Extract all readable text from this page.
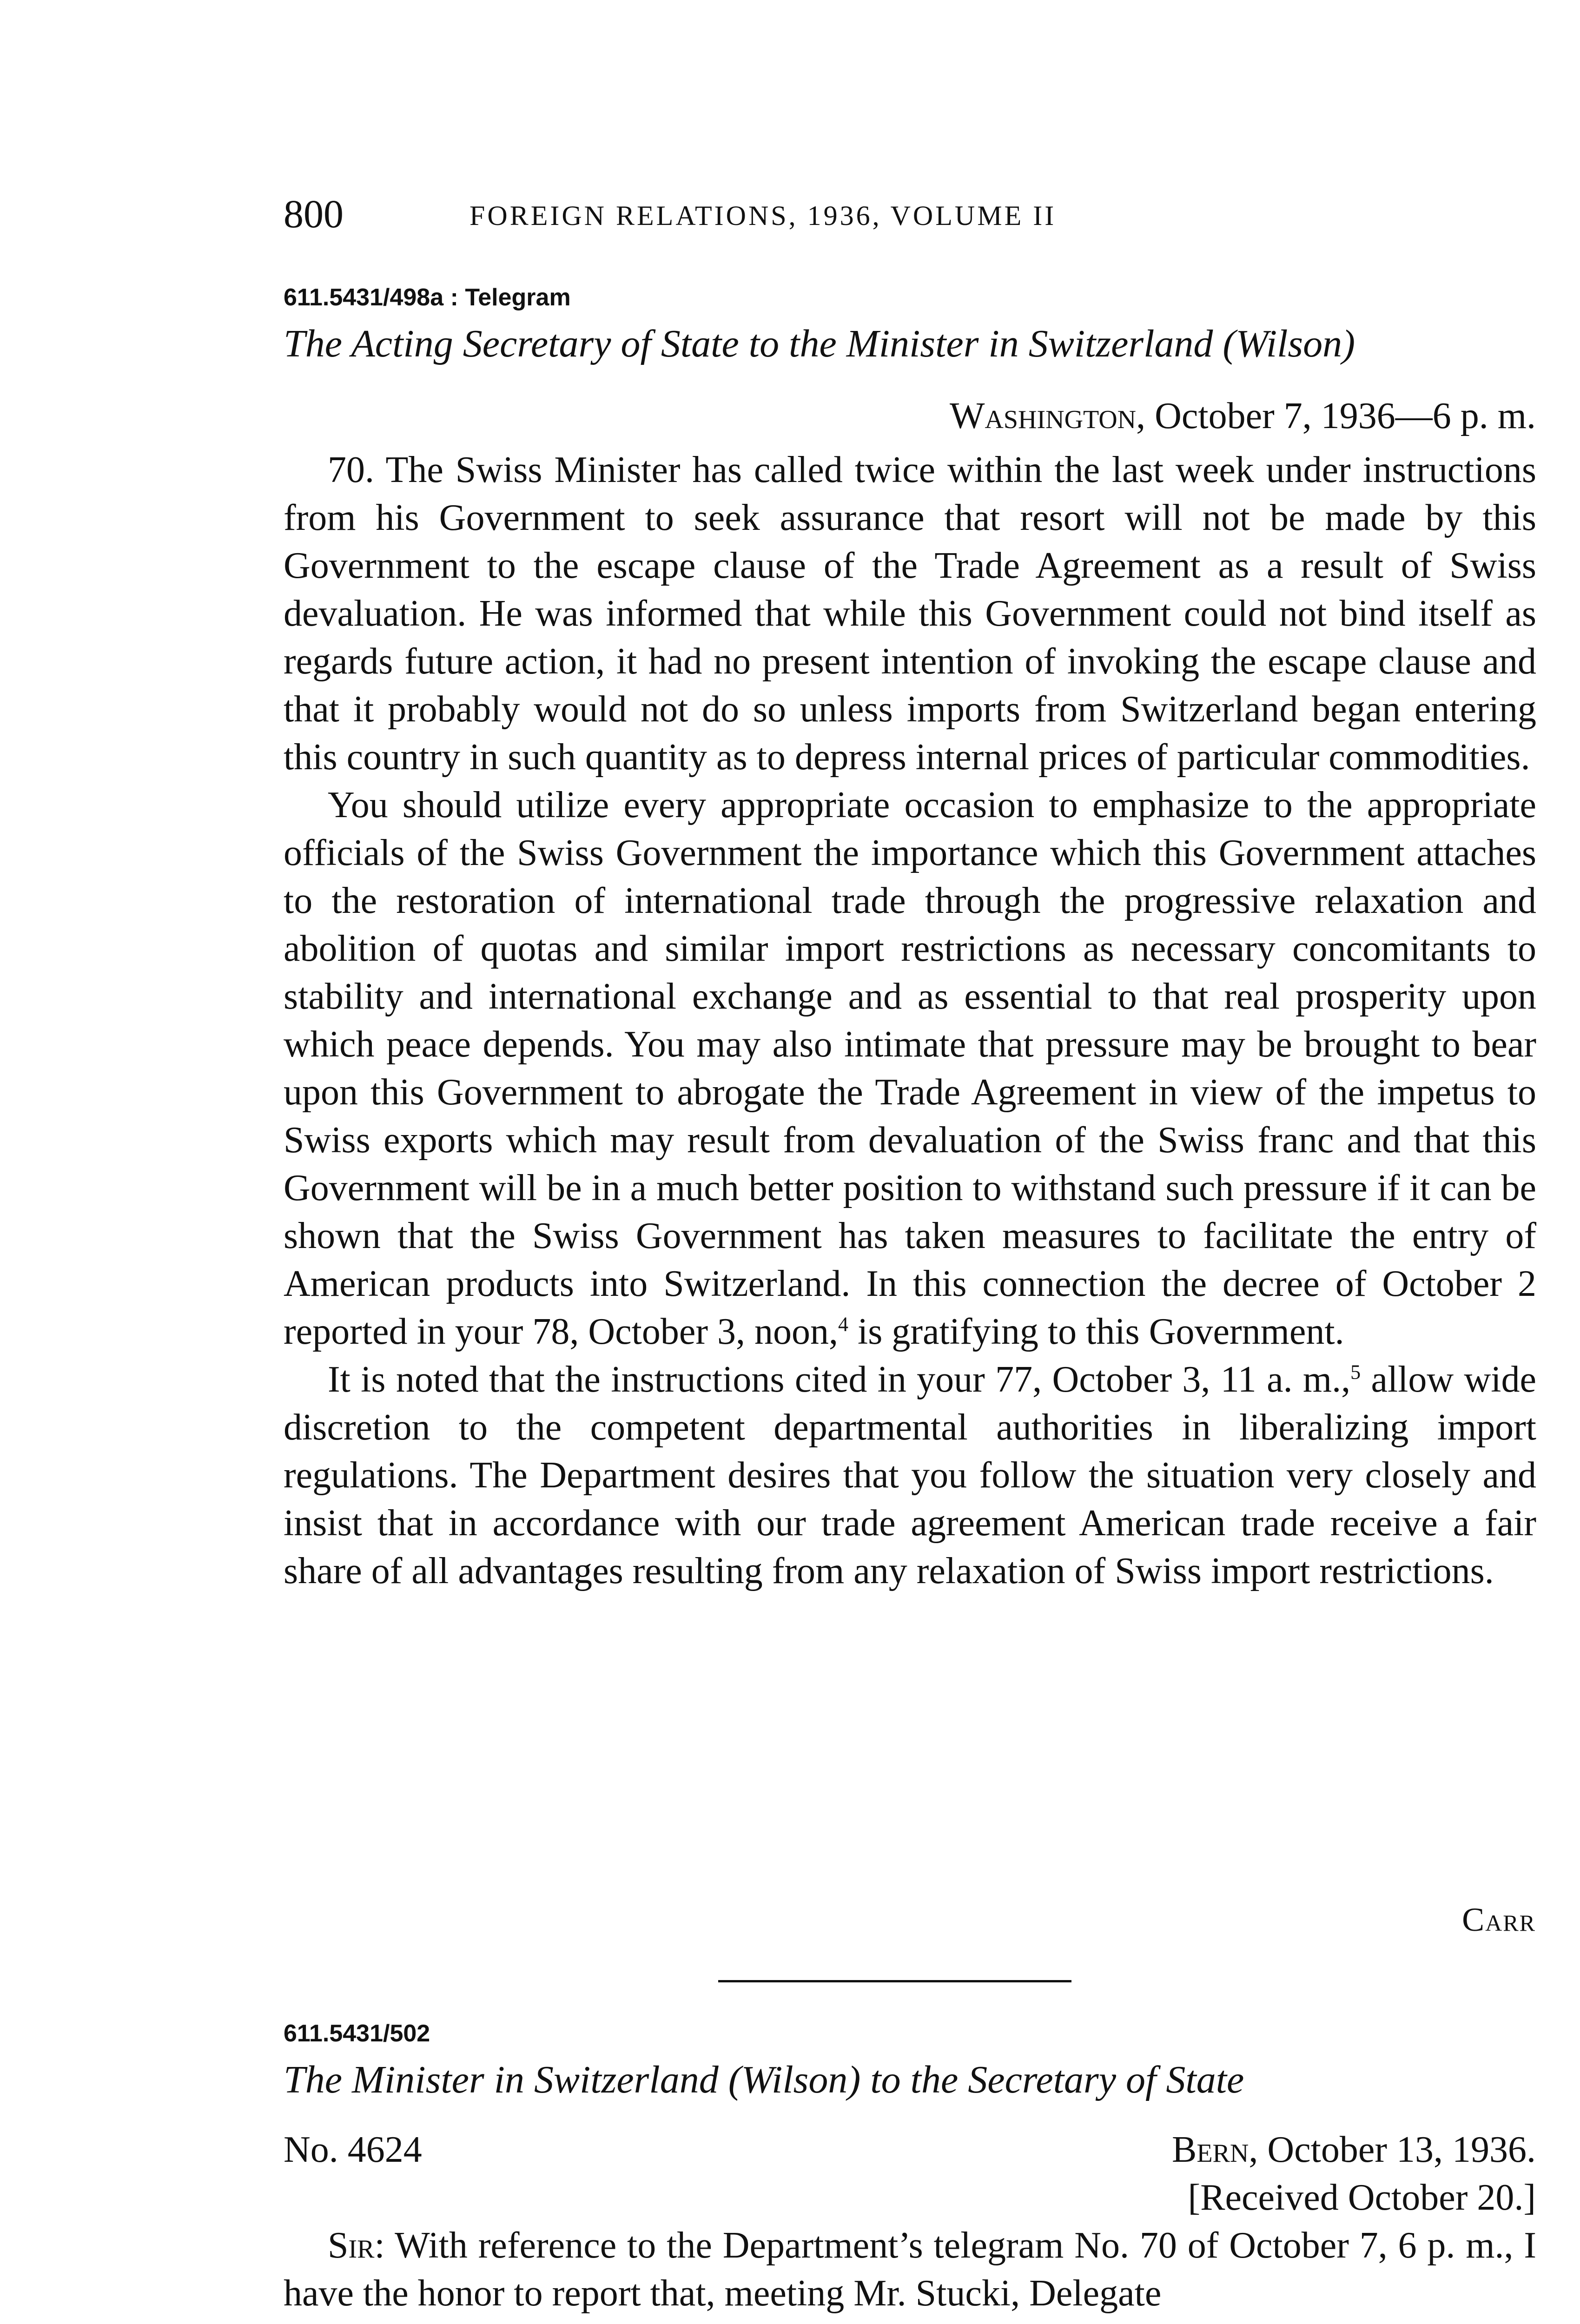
800	FOREIGN RELATIONS, 1936, VOLUME II
611.5431/498a : Telegram
The Acting Secretary of State to the Minister in Switzerland (Wilson)
Washington, October 7, 1936—6 p. m.

70. The Swiss Minister has called twice within the last week under instructions from his Government to seek assurance that resort will not be made by this Government to the escape clause of the Trade Agreement as a result of Swiss devaluation. He was informed that while this Government could not bind itself as regards future action, it had no present intention of invoking the escape clause and that it probably would not do so unless imports from Switzerland began entering this country in such quantity as to depress internal prices of particular commodities.

You should utilize every appropriate occasion to emphasize to the appropriate officials of the Swiss Government the importance which this Government attaches to the restoration of international trade through the progressive relaxation and abolition of quotas and similar import restrictions as necessary concomitants to stability and international exchange and as essential to that real prosperity upon which peace depends. You may also intimate that pressure may be brought to bear upon this Government to abrogate the Trade Agreement in view of the impetus to Swiss exports which may result from devaluation of the Swiss franc and that this Government will be in a much better position to withstand such pressure if it can be shown that the Swiss Government has taken measures to facilitate the entry of American products into Switzerland. In this connection the decree of October 2 reported in your 78, October 3, noon,$^4$ is gratifying to this Government.

It is noted that the instructions cited in your 77, October 3, 11 a. m.,$^5$ allow wide discretion to the competent departmental authorities in liberalizing import regulations. The Department desires that you follow the situation very closely and insist that in accordance with our trade agreement American trade receive a fair share of all advantages resulting from any relaxation of Swiss import restrictions.

Carr
611.5431/502
The Minister in Switzerland (Wilson) to the Secretary of State
No. 4624	Bern, October 13, 1936.
[Received October 20.]

Sir: With reference to the Department’s telegram No. 70 of October 7, 6 p. m., I have the honor to report that, meeting Mr. Stucki, Delegate
